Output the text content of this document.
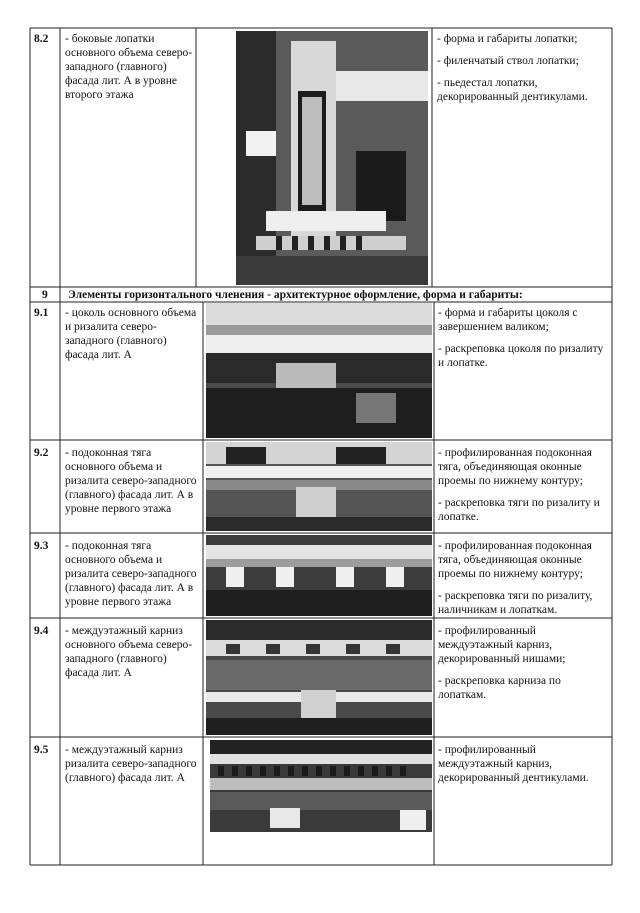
8.2	- боковые лопатки основного объема северо-западного (главного) фасада лит. А в уровне второго этажа

- форма и габариты лопатки;

- филенчатый ствол лопатки;

- пьедестал лопатки, декорированный дентикулами.

9 Элементы горизонтального членения - архитектурное оформление, форма и габариты:
9.1	- цоколь основного объема и ризалита северо-западного (главного) фасада лит. А

- форма и габариты цоколя с завершением валиком;

- раскреповка цоколя по ризалиту и лопатке.

9.2	- подоконная тяга основного объема и ризалита северо-западного (главного) фасада лит. А в уровне первого этажа

- профилированная подоконная тяга, объединяющая оконные проемы по нижнему контуру;

- раскреповка тяги по ризалиту и лопатке.

9.3	- подоконная тяга основного объема и ризалита северо-западного (главного) фасада лит. А в уровне первого этажа

- профилированная подоконная тяга, объединяющая оконные проемы по нижнему контуру;

- раскреповка тяги по ризалиту, наличникам и лопаткам.

9.4	- междуэтажный карниз основного объема северо-западного (главного) фасада лит. А

- профилированный междуэтажный карниз, декорированный нишами;

- раскреповка карниза по лопаткам.

9.5	- междуэтажный карниз ризалита северо-западного (главного) фасада лит. А

- профилированный междуэтажный карниз, декорированный дентикулами.
